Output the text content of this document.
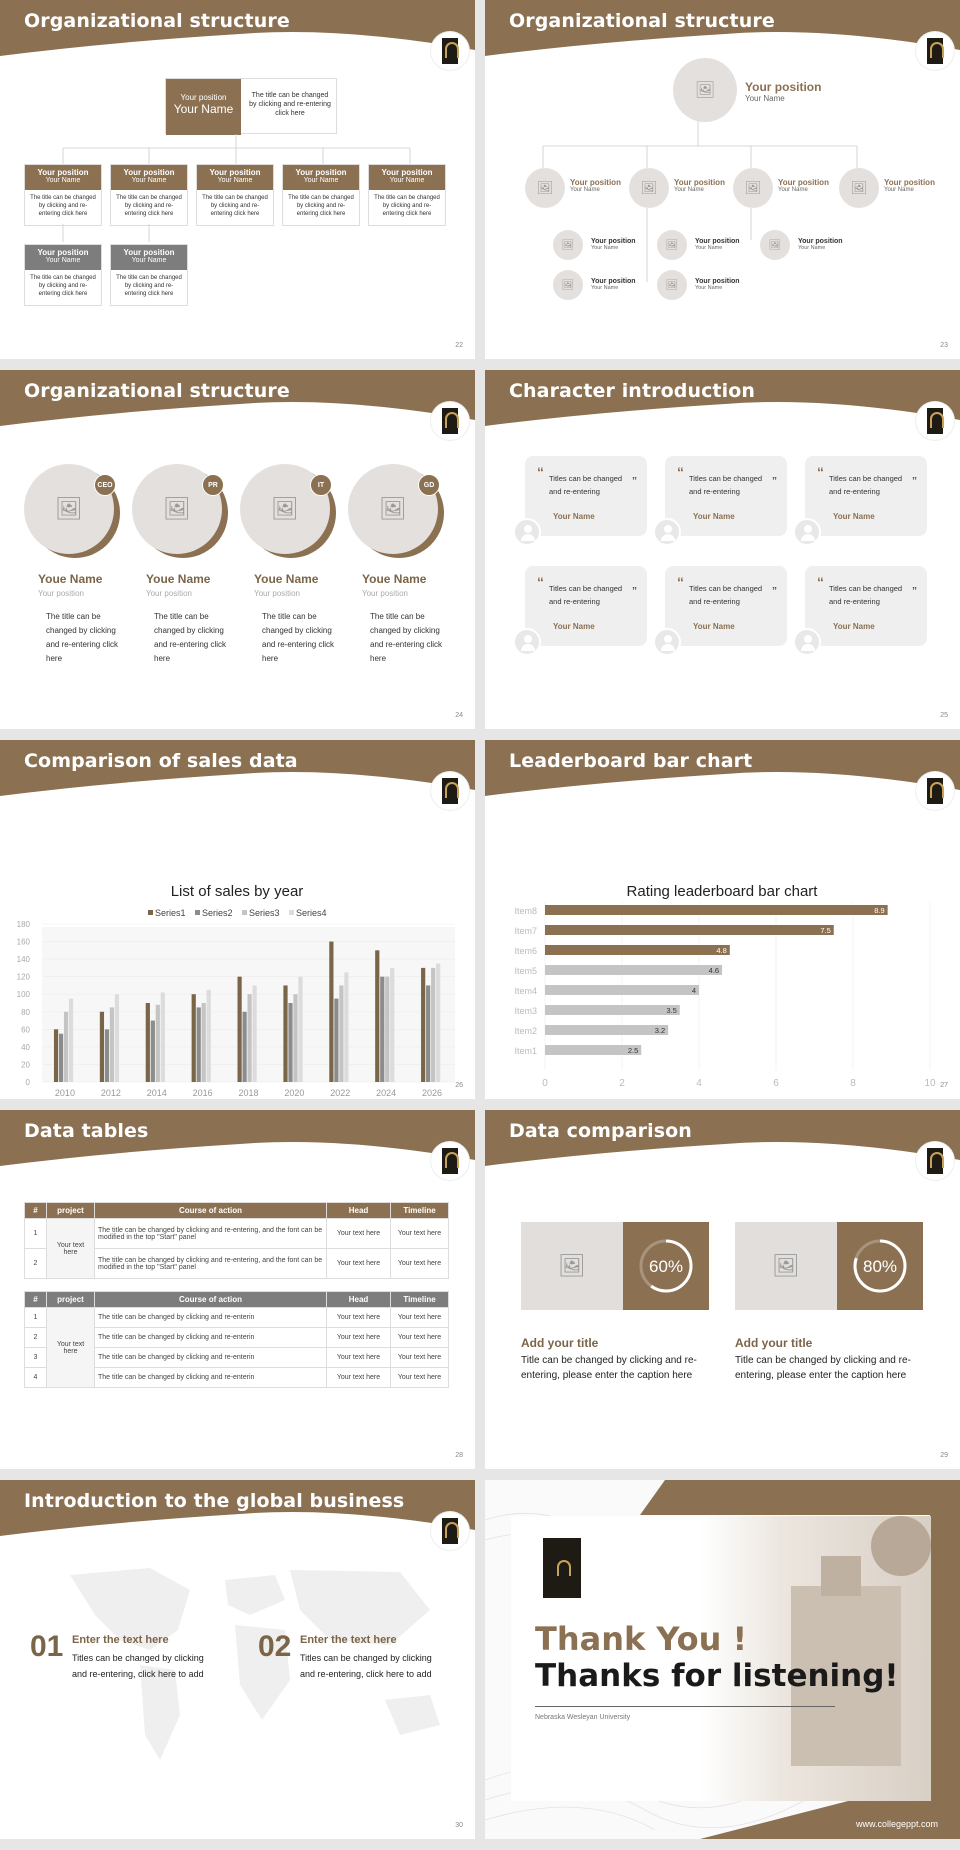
Organizational structure
Your position
Your Name
The title can be changed by clicking and re-entering click here
Your position
Your Name
The title can be changed by clicking and re-entering click here
Your position
Your Name
The title can be changed by clicking and re-entering click here
Your position
Your Name
The title can be changed by clicking and re-entering click here
Your position
Your Name
The title can be changed by clicking and re-entering click here
Your position
Your Name
The title can be changed by clicking and re-entering click here
Your position
Your Name
The title can be changed by clicking and re-entering click here
Your position
Your Name
The title can be changed by clicking and re-entering click here
22
Organizational structure
🖼	Your position
Your Name
🖼	Your position
Your Name	🖼	Your position
Your Name	🖼	Your position
Your Name	🖼	Your position
Your Name
🖼	Your position
Your Name	🖼	Your position
Your Name	🖼	Your position
Your Name
🖼	Your position
Your Name	🖼	Your position
Your Name
23
Organizational structure
🖼
CEO
Youe Name
Your position
The title can be changed by clicking and re-entering click here
🖼
PR
Youe Name
Your position
The title can be changed by clicking and re-entering click here
🖼
IT
Youe Name
Your position
The title can be changed by clicking and re-entering click here
🖼
GD
Youe Name
Your position
The title can be changed by clicking and re-entering click here
24
Character introduction
“
”
Titles can be changed and re-entering
Your Name
“
”
Titles can be changed and re-entering
Your Name
“
”
Titles can be changed and re-entering
Your Name
“
”
Titles can be changed and re-entering
Your Name
“
”
Titles can be changed and re-entering
Your Name
“
”
Titles can be changed and re-entering
Your Name
25
Comparison of sales data
List of sales by year
Series1 Series2 Series3 Series4
0
20
40
60
80
100
120
140
160
180
2010	2012	2014	2016	2018	2020	2022	2024	2026
26
Leaderboard bar chart
Rating leaderboard bar chart
0	2	4	6	8	10
Item8	8.9
Item7	7.5
Item6	4.8
Item5	4.6
Item4	4
Item3	3.5
Item2	3.2
Item1	2.5
27
Data tables
#	project	Course of action	Head	Timeline
1	Your text here	The title can be changed by clicking and re-entering, and the font can be modified in the top "Start" panel	Your text here	Your text here
2		The title can be changed by clicking and re-entering, and the font can be modified in the top "Start" panel	Your text here	Your text here
#	project	Course of action	Head	Timeline
1	Your text here	The title can be changed by clicking and re-enterin	Your text here	Your text here
2		The title can be changed by clicking and re-enterin	Your text here	Your text here
3		The title can be changed by clicking and re-enterin	Your text here	Your text here
4		The title can be changed by clicking and re-enterin	Your text here	Your text here
28
Data comparison
🖼	60%
Add your title
Title can be changed by clicking and re-entering, please enter the caption here
🖼	80%
Add your title
Title can be changed by clicking and re-entering, please enter the caption here
29
Introduction to the global business
01 Enter the text here
Titles can be changed by clicking and re-entering, click here to add
02 Enter the text here
Titles can be changed by clicking and re-entering, click here to add
30
Thank You !
Thanks for listening!
Nebraska Wesleyan University
www.collegeppt.com
